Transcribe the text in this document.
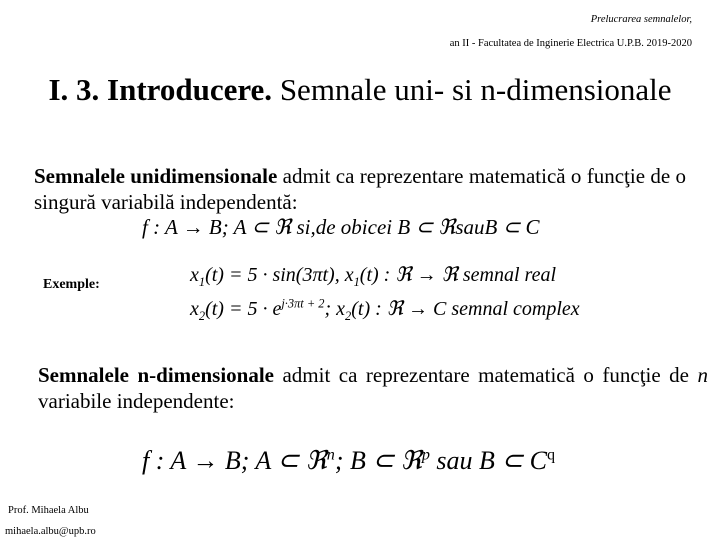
Prelucrarea semnalelor,
an II - Facultatea de Inginerie Electrica U.P.B. 2019-2020
I. 3. Introducere. Semnale uni- si n-dimensionale
Semnalele unidimensionale admit ca reprezentare matematică o funcţie de o singură variabilă independentă:
f : A → B; A ⊂ ℜ si,de obicei B ⊂ ℜsauB ⊂ C
Exemple:	$x_1(t) = 5 \cdot \sin(3\pi t)$, $x_1(t)$ : ℜ → ℜ semnal real
$x_2(t) = 5 \cdot e^{j\cdot 3\pi t + 2}$; $x_2(t)$ : ℜ → C semnal complex
Semnalele n-dimensionale admit ca reprezentare matematică o funcţie de n variabile independente:
f : A → B; A ⊂ ℜ$^n$; B ⊂ ℜ$^p$ sau B ⊂ $C^q$
Prof. Mihaela Albu
mihaela.albu@upb.ro
